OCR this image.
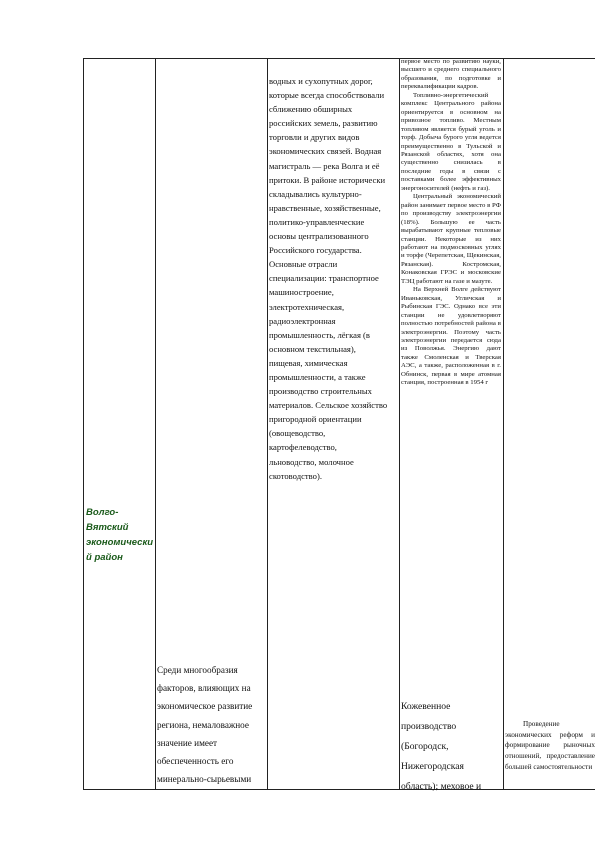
Волго-
Вятский
экономически
й район
водных и сухопутных дорог,
которые всегда способствовали
сближению обширных
российских земель, развитию
торговли и других видов
экономических связей. Водная
магистраль — река Волга и её
притоки. В районе исторически
складывались культурно-
нравственные, хозяйственные,
политико-управленческие
основы централизованного
Российского государства.
Основные отрасли
специализации: транспортное
машиностроение,
электротехническая,
радиоэлектронная
промышленность, лёгкая (в
основном текстильная),
пищевая, химическая
промышленности, а также
производство строительных
материалов. Сельское хозяйство
пригородной ориентации
(овощеводство,
картофелеводство,
льноводство, молочное
скотоводство).

первое место по развитию науки, высшего и среднего специального образования, по подготовке и переквалификации кадров.

Топливно-энергетический комплекс Центрального района ориентируется в основном на привозное топливо. Местным топливом является бурый уголь и торф. Добыча бурого угля ведется преимущественно в Тульской и Рязанской областях, хотя она существенно снизилась в последние годы в связи с поставками более эффективных энергоносителей (нефть и газ).

Центральный экономический район занимает первое место в РФ по производству электроэнергии (18%). Большую ее часть вырабатывают крупные тепловые станции. Некоторые из них работают на подмосковных углях и торфе (Черепетская, Щекинская, Рязанская). Костромская, Конаковская ГРЭС и московские ТЭЦ работают на газе и мазуте.

На Верхней Волге действуют Иваньковская, Угличская и Рыбинская ГЭС. Однако все эти станции не удовлетворяют полностью потребностей района в электроэнергии. Поэтому часть электроэнергии передается сюда из Поволжья. Энергию дают также Смоленская и Тверская АЭС, а также, расположенная в г. Обнинск, первая в мире атомная станция, построенная в 1954 г

Среди многообразия
факторов, влияющих на
экономическое развитие
региона, немаловажное
значение имеет
обеспеченность его
минерально-сырьевыми
Кожевенное
производство
(Богородск,
Нижегородская
область); меховое и

Проведение экономических реформ и формирование рыночных отношений, предоставление большей самостоятельности
